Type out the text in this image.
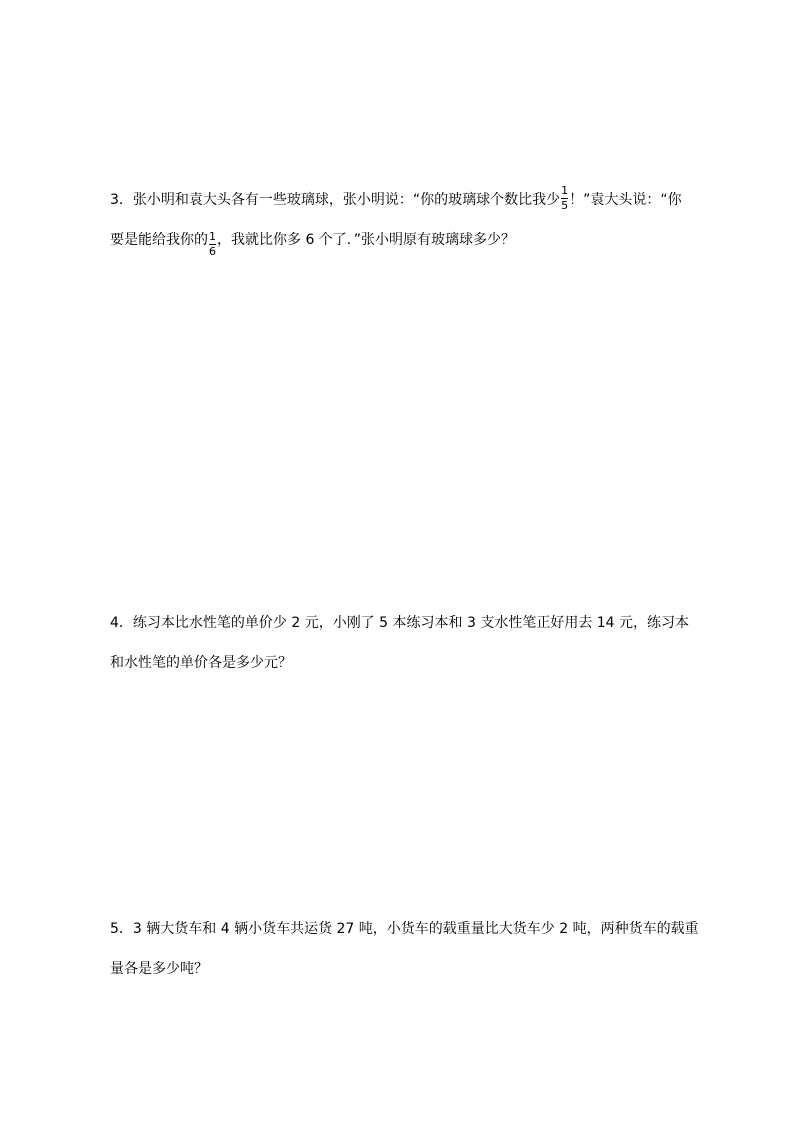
3．张小明和袁大头各有一些玻璃球，张小明说：“你的玻璃球个数比我少 $\frac{1}{5}$ ！”袁大头说：“你
要是能给我你的 $\frac{1}{6}$ ，我就比你多 6 个了．”张小明原有玻璃球多少？
4．练习本比水性笔的单价少 2 元，小刚了 5 本练习本和 3 支水性笔正好用去 14 元，练习本
和水性笔的单价各是多少元？
5．3 辆大货车和 4 辆小货车共运货 27 吨，小货车的载重量比大货车少 2 吨，两种货车的载重
量各是多少吨？
